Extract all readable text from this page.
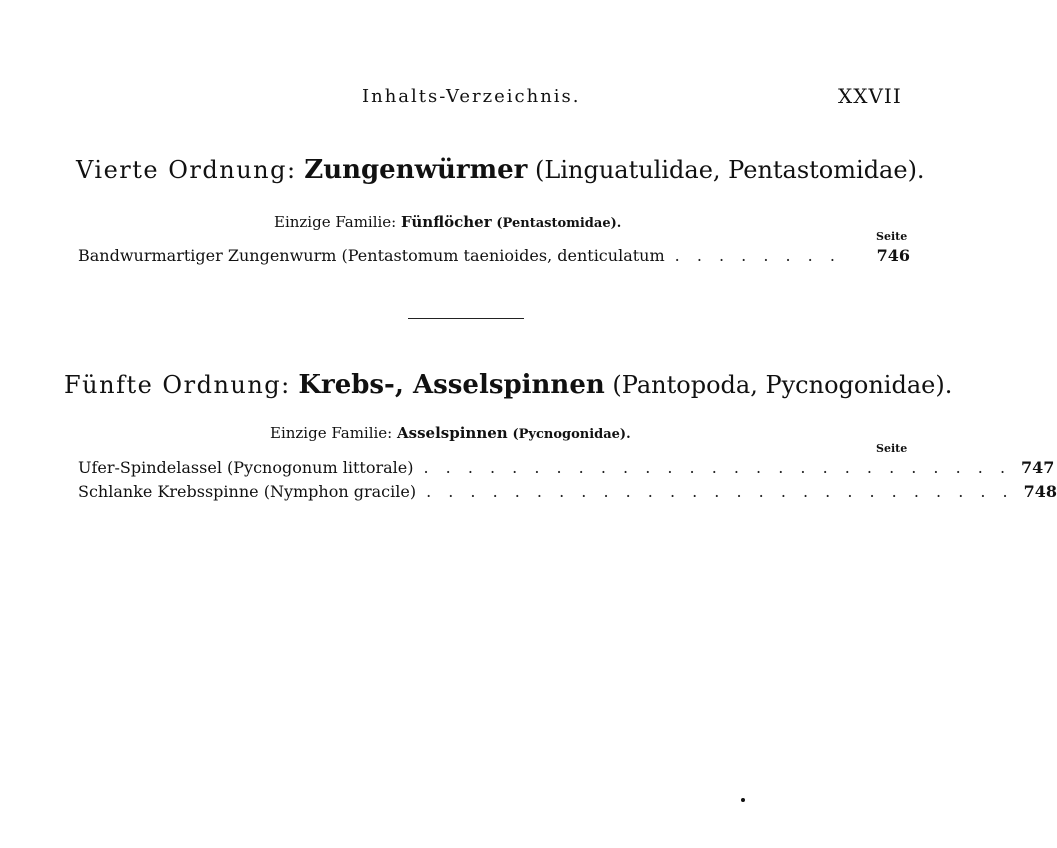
Inhalts-Verzeichnis.	XXVII
Vierte Ordnung: Zungenwürmer (Linguatulidae, Pentastomidae).
Einzige Familie: Fünflöcher (Pentastomidae).
Seite
Bandwurmartiger Zungenwurm (Pentastomum taenioides, denticulatum . . . . . . . .	746
Fünfte Ordnung: Krebs-, Asselspinnen (Pantopoda, Pycnogonidae).
Einzige Familie: Asselspinnen (Pycnogonidae).
Seite
Ufer-Spindelassel (Pycnogonum littorale) . . . . . . . . . . . . . . . . . . . . . . . . . . . 747
Schlanke Krebsspinne (Nymphon gracile) . . . . . . . . . . . . . . . . . . . . . . . . . . . 748
